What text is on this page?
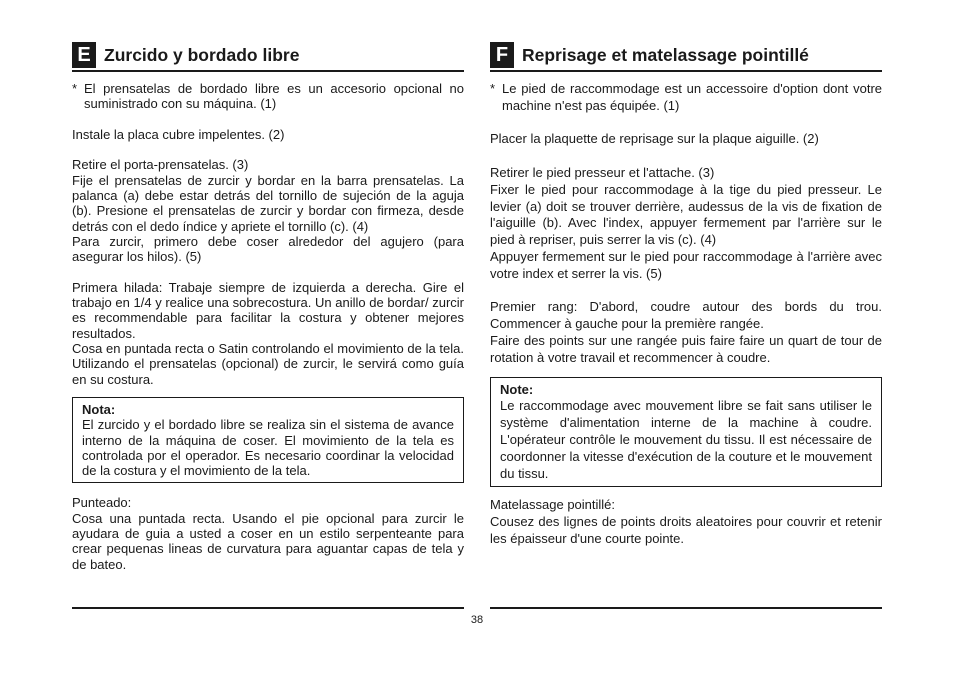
E Zurcido y bordado libre
* El prensatelas de bordado libre es un accesorio opcional no suministrado con su máquina. (1)

Instale la placa cubre impelentes. (2)

Retire el porta-prensatelas. (3)

Fije el prensatelas de zurcir y bordar en la barra prensatelas. La palanca (a) debe estar detrás del tornillo de sujeción de la aguja (b). Presione el prensatelas de zurcir y bordar con firmeza, desde detrás con el dedo índice y apriete el tornillo (c). (4)

Para zurcir, primero debe coser alrededor del agujero (para asegurar los hilos). (5)

Primera hilada: Trabaje siempre de izquierda a derecha. Gire el trabajo en 1/4 y realice una sobrecostura. Un anillo de bordar/ zurcir es recommendable para facilitar la costura y obtener mejores resultados.

Cosa en puntada recta o Satin controlando el movimiento de la tela. Utilizando el prensatelas (opcional) de zurcir, le servirá como guía en su costura.

Nota:
El zurcido y el bordado libre se realiza sin el sistema de avance interno de la máquina de coser. El movimiento de la tela es controlada por el operador. Es necesario coordinar la velocidad de la costura y el movimiento de la tela.

Punteado:

Cosa una puntada recta. Usando el pie opcional para zurcir le ayudara de guia a usted a coser en un estilo serpenteante para crear pequenas lineas de curvatura para aguantar capas de tela y de bateo.

F Reprisage et matelassage pointillé
* Le pied de raccommodage est un accessoire d'option dont votre machine n'est pas équipée. (1)

Placer la plaquette de reprisage sur la plaque aiguille. (2)

Retirer le pied presseur et l'attache. (3)

Fixer le pied pour raccommodage à la tige du pied presseur. Le levier (a) doit se trouver derrière, audessus de la vis de fixation de l'aiguille (b). Avec l'index, appuyer fermement par l'arrière sur le pied à repriser, puis serrer la vis (c). (4)

Appuyer fermement sur le pied pour raccommodage à l'arrière avec votre index et serrer la vis. (5)

Premier rang: D'abord, coudre autour des bords du trou. Commencer à gauche pour la première rangée.

Faire des points sur une rangée puis faire faire un quart de tour de rotation à votre travail et recommencer à coudre.

Note:
Le raccommodage avec mouvement libre se fait sans utiliser le système d'alimentation interne de la machine à coudre. L'opérateur contrôle le mouvement du tissu. Il est nécessaire de coordonner la vitesse d'exécution de la couture et le mouvement du tissu.

Matelassage pointillé:

Cousez des lignes de points droits aleatoires pour couvrir et retenir les épaisseur d'une courte pointe.

38
